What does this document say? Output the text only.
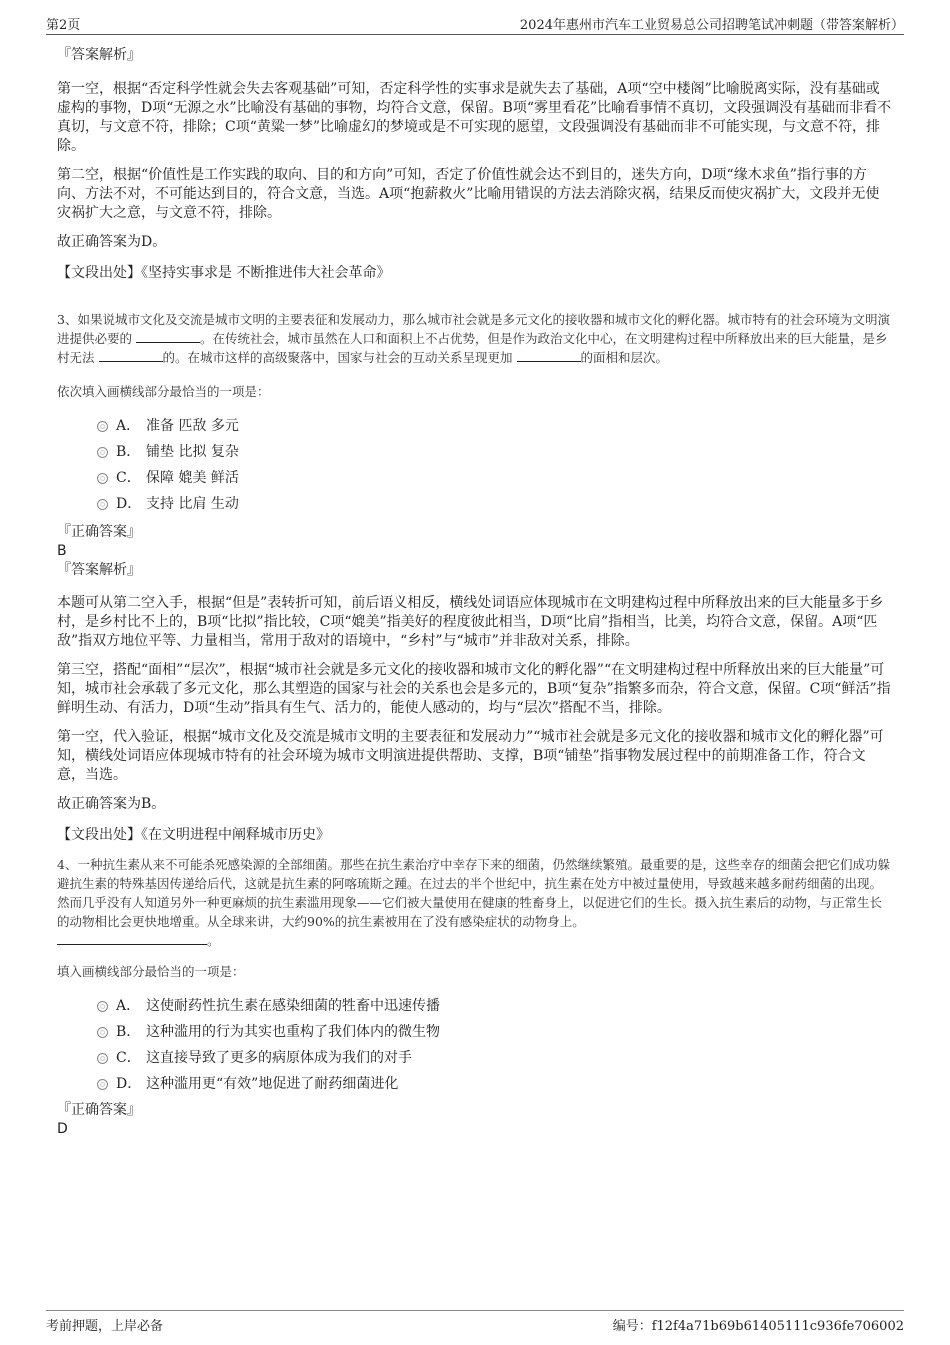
第2页	2024年惠州市汽车工业贸易总公司招聘笔试冲刺题（带答案解析）

『答案解析』

第一空，根据“否定科学性就会失去客观基础”可知，否定科学性的实事求是就失去了基础，A项“空中楼阁”比喻脱离实际，没有基础或虚构的事物，D项“无源之水”比喻没有基础的事物，均符合文意，保留。B项“雾里看花”比喻看事情不真切，文段强调没有基础而非看不真切，与文意不符，排除；C项“黄粱一梦”比喻虚幻的梦境或是不可实现的愿望，文段强调没有基础而非不可能实现，与文意不符，排除。

第二空，根据“价值性是工作实践的取向、目的和方向”可知，否定了价值性就会达不到目的，迷失方向，D项“缘木求鱼”指行事的方向、方法不对，不可能达到目的，符合文意，当选。A项“抱薪救火”比喻用错误的方法去消除灾祸，结果反而使灾祸扩大，文段并无使灾祸扩大之意，与文意不符，排除。

故正确答案为D。

【文段出处】《坚持实事求是 不断推进伟大社会革命》

3、如果说城市文化及交流是城市文明的主要表征和发展动力，那么城市社会就是多元文化的接收器和城市文化的孵化器。城市特有的社会环境为文明演进提供必要的	。在传统社会，城市虽然在人口和面积上不占优势，但是作为政治文化中心，在文明建构过程中所释放出来的巨大能量，是乡村无法	的。在城市这样的高级聚落中，国家与社会的互动关系呈现更加	的面相和层次。

依次填入画横线部分最恰当的一项是：

A． 准备 匹敌 多元
B． 铺垫 比拟 复杂
C． 保障 媲美 鲜活
D． 支持 比肩 生动

『正确答案』

B

『答案解析』

本题可从第二空入手，根据“但是”表转折可知，前后语义相反，横线处词语应体现城市在文明建构过程中所释放出来的巨大能量多于乡村，是乡村比不上的，B项“比拟”指比较，C项“媲美”指美好的程度彼此相当，D项“比肩”指相当，比美，均符合文意，保留。A项“匹敌”指双方地位平等、力量相当，常用于敌对的语境中，“乡村”与“城市”并非敌对关系，排除。

第三空，搭配“面相”“层次”，根据“城市社会就是多元文化的接收器和城市文化的孵化器”“在文明建构过程中所释放出来的巨大能量”可知，城市社会承载了多元文化，那么其塑造的国家与社会的关系也会是多元的，B项“复杂”指繁多而杂，符合文意，保留。C项“鲜活”指鲜明生动、有活力，D项“生动”指具有生气、活力的，能使人感动的，均与“层次”搭配不当，排除。

第一空，代入验证，根据“城市文化及交流是城市文明的主要表征和发展动力”“城市社会就是多元文化的接收器和城市文化的孵化器”可知，横线处词语应体现城市特有的社会环境为城市文明演进提供帮助、支撑，B项“铺垫”指事物发展过程中的前期准备工作，符合文意，当选。

故正确答案为B。

【文段出处】《在文明进程中阐释城市历史》

4、一种抗生素从来不可能杀死感染源的全部细菌。那些在抗生素治疗中幸存下来的细菌，仍然继续繁殖。最重要的是，这些幸存的细菌会把它们成功躲避抗生素的特殊基因传递给后代，这就是抗生素的阿喀琉斯之踵。在过去的半个世纪中，抗生素在处方中被过量使用，导致越来越多耐药细菌的出现。然而几乎没有人知道另外一种更麻烦的抗生素滥用现象——它们被大量使用在健康的牲畜身上，以促进它们的生长。摄入抗生素后的动物，与正常生长的动物相比会更快地增重。从全球来讲，大约90%的抗生素被用在了没有感染症状的动物身上。
。

填入画横线部分最恰当的一项是：

A． 这使耐药性抗生素在感染细菌的牲畜中迅速传播
B． 这种滥用的行为其实也重构了我们体内的微生物
C． 这直接导致了更多的病原体成为我们的对手
D． 这种滥用更“有效”地促进了耐药细菌进化

『正确答案』

D

考前押题，上岸必备	编号：f12f4a71b69b61405111c936fe706002
